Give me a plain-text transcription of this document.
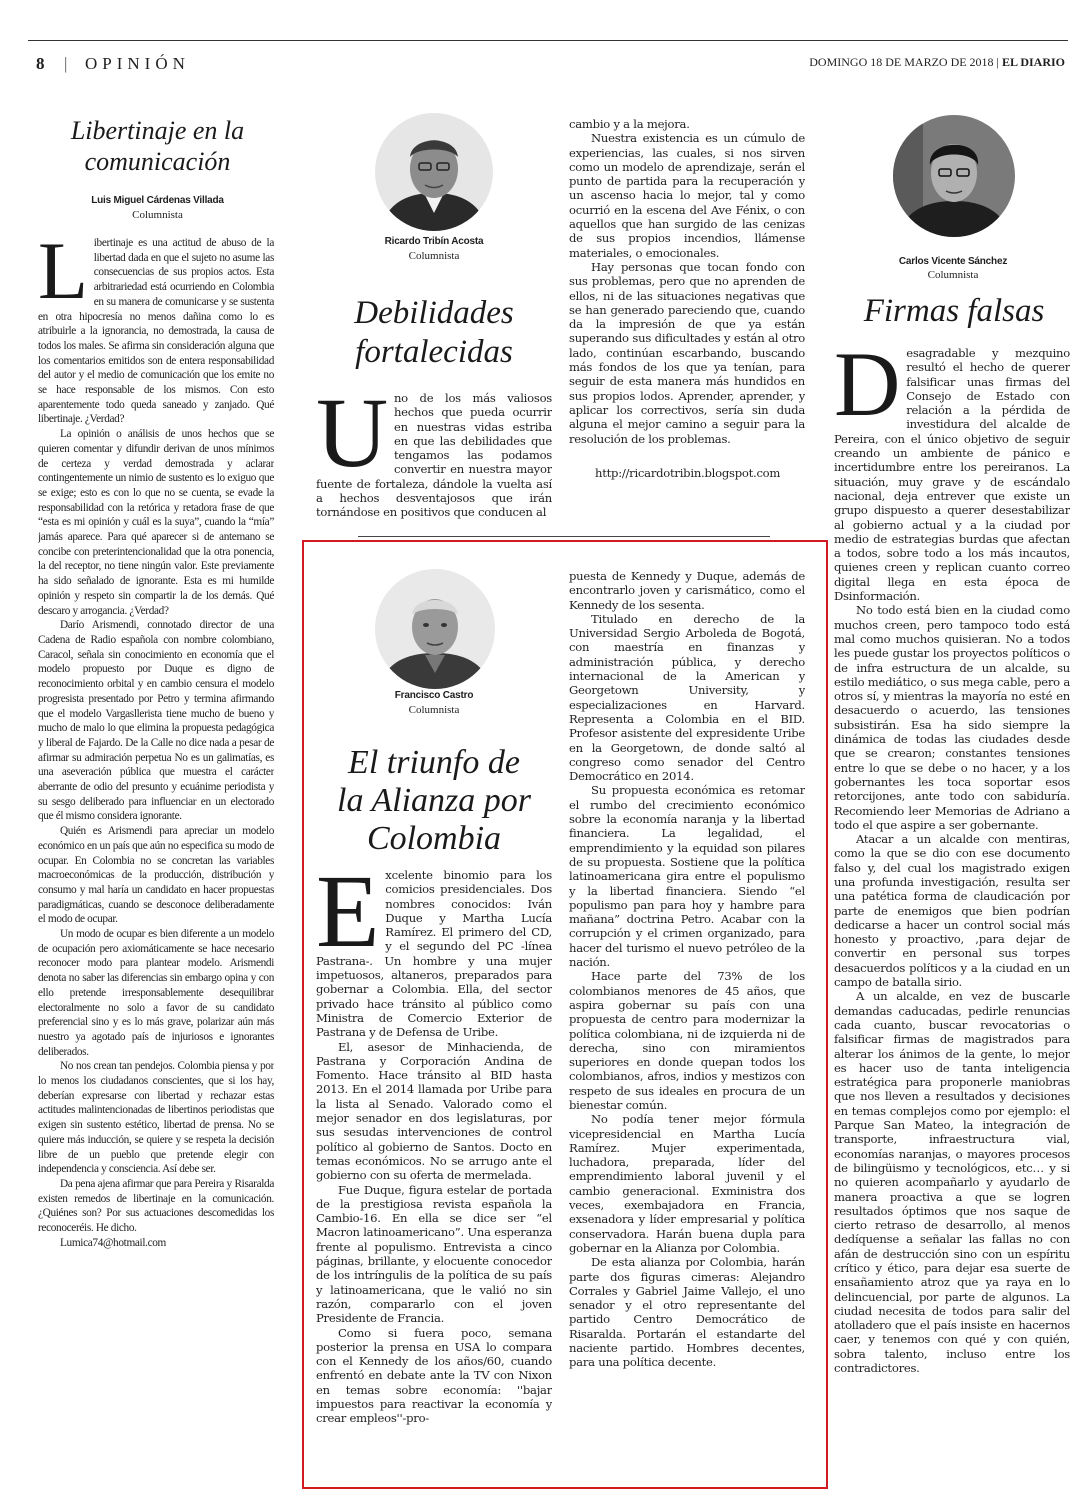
8 | OPINIÓN	DOMINGO 18 DE MARZO DE 2018 | EL DIARIO
Libertinaje en la
comunicación
Luis Miguel Cárdenas Villada
Columnista
L ibertinaje es una actitud de abuso de la libertad dada en que el sujeto no asume las consecuencias de sus propios actos. Esta arbitrariedad está ocurriendo en Colombia en su manera de comunicarse y se sustenta en otra hipocresía no menos dañina como lo es atribuirle a la ignorancia, no demostrada, la causa de todos los males. Se afirma sin consideración alguna que los comentarios emitidos son de entera responsabilidad del autor y el medio de comunicación que los emite no se hace responsable de los mismos. Con esto aparentemente todo queda saneado y zanjado. Qué libertinaje. ¿Verdad?

La opinión o análisis de unos hechos que se quieren comentar y difundir derivan de unos mínimos de certeza y verdad demostrada y aclarar contingentemente un nimio de sustento es lo exiguo que se exige; esto es con lo que no se cuenta, se evade la responsabilidad con la retórica y retadora frase de que “esta es mi opinión y cuál es la suya”, cuando la “mía” jamás aparece. Para qué aparecer si de antemano se concibe con preterintencionalidad que la otra ponencia, la del receptor, no tiene ningún valor. Este previamente ha sido señalado de ignorante. Esta es mi humilde opinión y respeto sin compartir la de los demás. Qué descaro y arrogancia. ¿Verdad?

Darío Arismendi, connotado director de una Cadena de Radio española con nombre colombiano, Caracol, señala sin conocimiento en economía que el modelo propuesto por Duque es digno de reconocimiento orbital y en cambio censura el modelo progresista presentado por Petro y termina afirmando que el modelo Vargasllerista tiene mucho de bueno y mucho de malo lo que elimina la propuesta pedagógica y liberal de Fajardo. De la Calle no dice nada a pesar de afirmar su admiración perpetua No es un galimatías, es una aseveración pública que muestra el carácter aberrante de odio del presunto y ecuánime periodista y su sesgo deliberado para influenciar en un electorado que él mismo considera ignorante.

Quién es Arismendi para apreciar un modelo económico en un país que aún no especifica su modo de ocupar. En Colombia no se concretan las variables macroeconómicas de la producción, distribución y consumo y mal haría un candidato en hacer propuestas paradigmáticas, cuando se desconoce deliberadamente el modo de ocupar.

Un modo de ocupar es bien diferente a un modelo de ocupación pero axiomáticamente se hace necesario reconocer modo para plantear modelo. Arismendi denota no saber las diferencias sin embargo opina y con ello pretende irresponsablemente desequilibrar electoralmente no solo a favor de su candidato preferencial sino y es lo más grave, polarizar aún más nuestro ya agotado país de injuriosos e ignorantes deliberados.

No nos crean tan pendejos. Colombia piensa y por lo menos los ciudadanos conscientes, que si los hay, deberían expresarse con libertad y rechazar estas actitudes malintencionadas de libertinos periodistas que exigen sin sustento estético, libertad de prensa. No se quiere más inducción, se quiere y se respeta la decisión libre de un pueblo que pretende elegir con independencia y consciencia. Así debe ser.

Da pena ajena afirmar que para Pereira y Risaralda existen remedos de libertinaje en la comunicación. ¿Quiénes son? Por sus actuaciones descomedidas los reconoceréis. He dicho.

Lumica74@hotmail.com

Ricardo Tribín Acosta
Columnista
Debilidades
fortalecidas
U no de los más valiosos hechos que pueda ocurrir en nuestras vidas estriba en que las debilidades que tengamos las podamos convertir en nuestra mayor fuente de fortaleza, dándole la vuelta así a hechos desventajosos que irán tornándose en positivos que conducen al

cambio y a la mejora.

Nuestra existencia es un cúmulo de experiencias, las cuales, si nos sirven como un modelo de aprendizaje, serán el punto de partida para la recuperación y un ascenso hacia lo mejor, tal y como ocurrió en la escena del Ave Fénix, o con aquellos que han surgido de las cenizas de sus propios incendios, llámense materiales, o emocionales.

Hay personas que tocan fondo con sus problemas, pero que no aprenden de ellos, ni de las situaciones negativas que se han generado pareciendo que, cuando da la impresión de que ya están superando sus dificultades y están al otro lado, continúan escarbando, buscando más fondos de los que ya tenían, para seguir de esta manera más hundidos en sus propios lodos. Aprender, aprender, y aplicar los correctivos, sería sin duda alguna el mejor camino a seguir para la resolución de los problemas.

http://ricardotribin.blogspot.com

Francisco Castro
Columnista
El triunfo de
la Alianza por
Colombia
E xcelente binomio para los comicios presidenciales. Dos nombres conocidos: Iván Duque y Martha Lucía Ramírez. El primero del CD, y el segundo del PC -línea Pastrana-. Un hombre y una mujer impetuosos, altaneros, preparados para gobernar a Colombia. Ella, del sector privado hace tránsito al público como Ministra de Comercio Exterior de Pastrana y de Defensa de Uribe.

El, asesor de Minhacienda, de Pastrana y Corporación Andina de Fomento. Hace tránsito al BID hasta 2013. En el 2014 llamada por Uribe para la lista al Senado. Valorado como el mejor senador en dos legislaturas, por sus sesudas intervenciones de control político al gobierno de Santos. Docto en temas económicos. No se arrugo ante el gobierno con su oferta de mermelada.

Fue Duque, figura estelar de portada de la prestigiosa revista española la Cambio-16. En ella se dice ser “el Macron latinoamericano”. Una esperanza frente al populismo. Entrevista a cinco páginas, brillante, y elocuente conocedor de los intríngulis de la política de su país y latinoamericana, que le valió no sin razón, compararlo con el joven Presidente de Francia.

Como si fuera poco, semana posterior la prensa en USA lo compara con el Kennedy de los años/60, cuando enfrentó en debate ante la TV con Nixon en temas sobre economía: ''bajar impuestos para reactivar la economía y crear empleos''-pro-

puesta de Kennedy y Duque, además de encontrarlo joven y carismático, como el Kennedy de los sesenta.

Titulado en derecho de la Universidad Sergio Arboleda de Bogotá, con maestría en finanzas y administración pública, y derecho internacional de la American y Georgetown University, y especializaciones en Harvard. Representa a Colombia en el BID. Profesor asistente del expresidente Uribe en la Georgetown, de donde saltó al congreso como senador del Centro Democrático en 2014.

Su propuesta económica es retomar el rumbo del crecimiento económico sobre la economía naranja y la libertad financiera. La legalidad, el emprendimiento y la equidad son pilares de su propuesta. Sostiene que la política latinoamericana gira entre el populismo y la libertad financiera. Siendo “el populismo pan para hoy y hambre para mañana” doctrina Petro. Acabar con la corrupción y el crimen organizado, para hacer del turismo el nuevo petróleo de la nación.

Hace parte del 73% de los colombianos menores de 45 años, que aspira gobernar su país con una propuesta de centro para modernizar la política colombiana, ni de izquierda ni de derecha, sino con miramientos superiores en donde quepan todos los colombianos, afros, indios y mestizos con respeto de sus ideales en procura de un bienestar común.

No podía tener mejor fórmula vicepresidencial en Martha Lucía Ramírez. Mujer experimentada, luchadora, preparada, líder del emprendimiento laboral juvenil y el cambio generacional. Exministra dos veces, exembajadora en Francia, exsenadora y líder empresarial y política conservadora. Harán buena dupla para gobernar en la Alianza por Colombia.

De esta alianza por Colombia, harán parte dos figuras cimeras: Alejandro Corrales y Gabriel Jaime Vallejo, el uno senador y el otro representante del partido Centro Democrático de Risaralda. Portarán el estandarte del naciente partido. Hombres decentes, para una política decente.

Carlos Vicente Sánchez
Columnista
Firmas falsas
D esagradable y mezquino resultó el hecho de querer falsificar unas firmas del Consejo de Estado con relación a la pérdida de investidura del alcalde de Pereira, con el único objetivo de seguir creando un ambiente de pánico e incertidumbre entre los pereiranos. La situación, muy grave y de escándalo nacional, deja entrever que existe un grupo dispuesto a querer desestabilizar al gobierno actual y a la ciudad por medio de estrategias burdas que afectan a todos, sobre todo a los más incautos, quienes creen y replican cuanto correo digital llega en esta época de Dsinformación.

No todo está bien en la ciudad como muchos creen, pero tampoco todo está mal como muchos quisieran. No a todos les puede gustar los proyectos políticos o de infra estructura de un alcalde, su estilo mediático, o sus mega cable, pero a otros sí, y mientras la mayoría no esté en desacuerdo o acuerdo, las tensiones subsistirán. Esa ha sido siempre la dinámica de todas las ciudades desde que se crearon; constantes tensiones entre lo que se debe o no hacer, y a los gobernantes les toca soportar esos retorcijones, ante todo con sabiduría. Recomiendo leer Memorias de Adriano a todo el que aspire a ser gobernante.

Atacar a un alcalde con mentiras, como la que se dio con ese documento falso y, del cual los magistrado exigen una profunda investigación, resulta ser una patética forma de claudicación por parte de enemigos que bien podrían dedicarse a hacer un control social más honesto y proactivo, ,para dejar de convertir en personal sus torpes desacuerdos políticos y a la ciudad en un campo de batalla sirio.

A un alcalde, en vez de buscarle demandas caducadas, pedirle renuncias cada cuanto, buscar revocatorias o falsificar firmas de magistrados para alterar los ánimos de la gente, lo mejor es hacer uso de tanta inteligencia estratégica para proponerle maniobras que nos lleven a resultados y decisiones en temas complejos como por ejemplo: el Parque San Mateo, la integración de transporte, infraestructura vial, economías naranjas, o mayores procesos de bilingüismo y tecnológicos, etc… y si no quieren acompañarlo y ayudarlo de manera proactiva a que se logren resultados óptimos que nos saque de cierto retraso de desarrollo, al menos dedíquense a señalar las fallas no con afán de destrucción sino con un espíritu crítico y ético, para dejar esa suerte de ensañamiento atroz que ya raya en lo delincuencial, por parte de algunos. La ciudad necesita de todos para salir del atolladero que el país insiste en hacernos caer, y tenemos con qué y con quién, sobra talento, incluso entre los contradictores.
